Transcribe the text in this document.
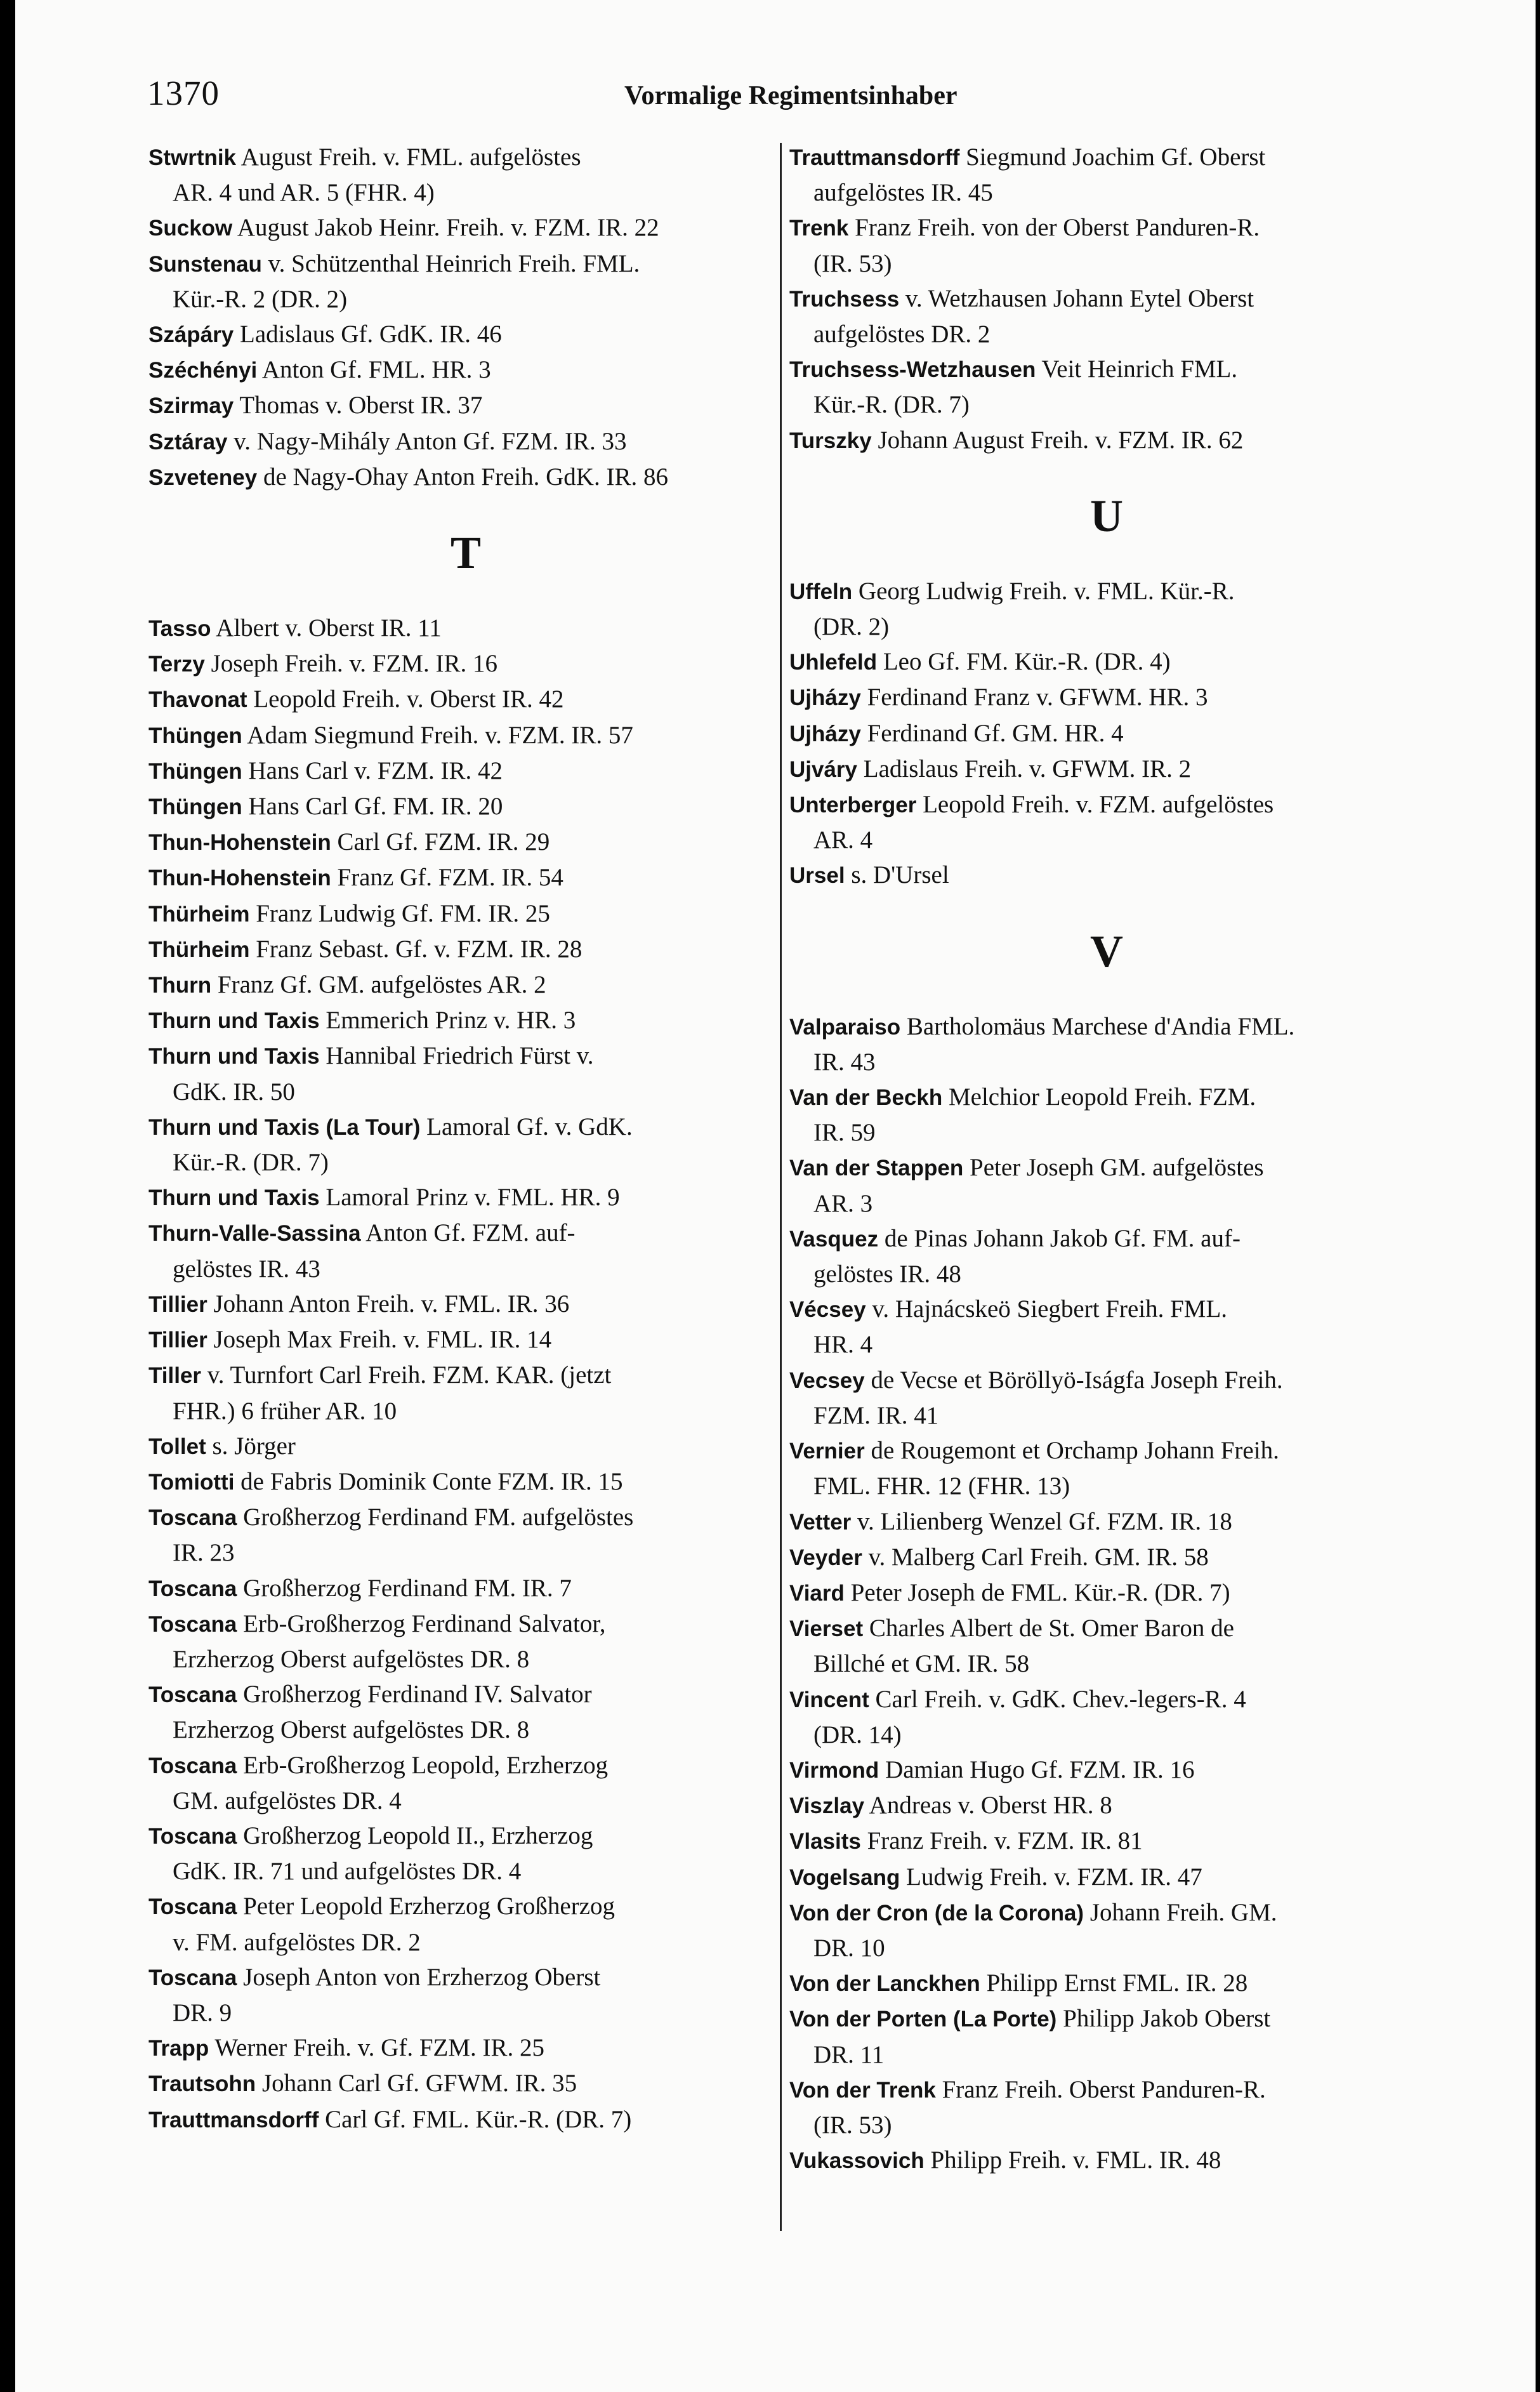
1370	Vormalige Regimentsinhaber

Stwrtnik August Freih. v. FML. aufgelöstes
AR. 4 und AR. 5 (FHR. 4)

Suckow August Jakob Heinr. Freih. v. FZM. IR. 22

Sunstenau v. Schützenthal Heinrich Freih. FML.
Kür.-R. 2 (DR. 2)

Szápáry Ladislaus Gf. GdK. IR. 46

Széchényi Anton Gf. FML. HR. 3

Szirmay Thomas v. Oberst IR. 37

Sztáray v. Nagy-Mihály Anton Gf. FZM. IR. 33

Szveteney de Nagy-Ohay Anton Freih. GdK. IR. 86

T

Tasso Albert v. Oberst IR. 11

Terzy Joseph Freih. v. FZM. IR. 16

Thavonat Leopold Freih. v. Oberst IR. 42

Thüngen Adam Siegmund Freih. v. FZM. IR. 57

Thüngen Hans Carl v. FZM. IR. 42

Thüngen Hans Carl Gf. FM. IR. 20

Thun-Hohenstein Carl Gf. FZM. IR. 29

Thun-Hohenstein Franz Gf. FZM. IR. 54

Thürheim Franz Ludwig Gf. FM. IR. 25

Thürheim Franz Sebast. Gf. v. FZM. IR. 28

Thurn Franz Gf. GM. aufgelöstes AR. 2

Thurn und Taxis Emmerich Prinz v. HR. 3

Thurn und Taxis Hannibal Friedrich Fürst v.
GdK. IR. 50

Thurn und Taxis (La Tour) Lamoral Gf. v. GdK.
Kür.-R. (DR. 7)

Thurn und Taxis Lamoral Prinz v. FML. HR. 9

Thurn-Valle-Sassina Anton Gf. FZM. auf-
gelöstes IR. 43

Tillier Johann Anton Freih. v. FML. IR. 36

Tillier Joseph Max Freih. v. FML. IR. 14

Tiller v. Turnfort Carl Freih. FZM. KAR. (jetzt
FHR.) 6 früher AR. 10

Tollet s. Jörger

Tomiotti de Fabris Dominik Conte FZM. IR. 15

Toscana Großherzog Ferdinand FM. aufgelöstes
IR. 23

Toscana Großherzog Ferdinand FM. IR. 7

Toscana Erb-Großherzog Ferdinand Salvator,
Erzherzog Oberst aufgelöstes DR. 8

Toscana Großherzog Ferdinand IV. Salvator
Erzherzog Oberst aufgelöstes DR. 8

Toscana Erb-Großherzog Leopold, Erzherzog
GM. aufgelöstes DR. 4

Toscana Großherzog Leopold II., Erzherzog
GdK. IR. 71 und aufgelöstes DR. 4

Toscana Peter Leopold Erzherzog Großherzog
v. FM. aufgelöstes DR. 2

Toscana Joseph Anton von Erzherzog Oberst
DR. 9

Trapp Werner Freih. v. Gf. FZM. IR. 25

Trautsohn Johann Carl Gf. GFWM. IR. 35

Trauttmansdorff Carl Gf. FML. Kür.-R. (DR. 7)

Trauttmansdorff Siegmund Joachim Gf. Oberst
aufgelöstes IR. 45

Trenk Franz Freih. von der Oberst Panduren-R.
(IR. 53)

Truchsess v. Wetzhausen Johann Eytel Oberst
aufgelöstes DR. 2

Truchsess-Wetzhausen Veit Heinrich FML.
Kür.-R. (DR. 7)

Turszky Johann August Freih. v. FZM. IR. 62

U

Uffeln Georg Ludwig Freih. v. FML. Kür.-R.
(DR. 2)

Uhlefeld Leo Gf. FM. Kür.-R. (DR. 4)

Ujházy Ferdinand Franz v. GFWM. HR. 3

Ujházy Ferdinand Gf. GM. HR. 4

Ujváry Ladislaus Freih. v. GFWM. IR. 2

Unterberger Leopold Freih. v. FZM. aufgelöstes
AR. 4

Ursel s. D'Ursel

V

Valparaiso Bartholomäus Marchese d'Andia FML.
IR. 43

Van der Beckh Melchior Leopold Freih. FZM.
IR. 59

Van der Stappen Peter Joseph GM. aufgelöstes
AR. 3

Vasquez de Pinas Johann Jakob Gf. FM. auf-
gelöstes IR. 48

Vécsey v. Hajnácskeö Siegbert Freih. FML.
HR. 4

Vecsey de Vecse et Böröllyö-Iságfa Joseph Freih.
FZM. IR. 41

Vernier de Rougemont et Orchamp Johann Freih.
FML. FHR. 12 (FHR. 13)

Vetter v. Lilienberg Wenzel Gf. FZM. IR. 18

Veyder v. Malberg Carl Freih. GM. IR. 58

Viard Peter Joseph de FML. Kür.-R. (DR. 7)

Vierset Charles Albert de St. Omer Baron de
Billché et GM. IR. 58

Vincent Carl Freih. v. GdK. Chev.-legers-R. 4
(DR. 14)

Virmond Damian Hugo Gf. FZM. IR. 16

Viszlay Andreas v. Oberst HR. 8

Vlasits Franz Freih. v. FZM. IR. 81

Vogelsang Ludwig Freih. v. FZM. IR. 47

Von der Cron (de la Corona) Johann Freih. GM.
DR. 10

Von der Lanckhen Philipp Ernst FML. IR. 28

Von der Porten (La Porte) Philipp Jakob Oberst
DR. 11

Von der Trenk Franz Freih. Oberst Panduren-R.
(IR. 53)

Vukassovich Philipp Freih. v. FML. IR. 48
